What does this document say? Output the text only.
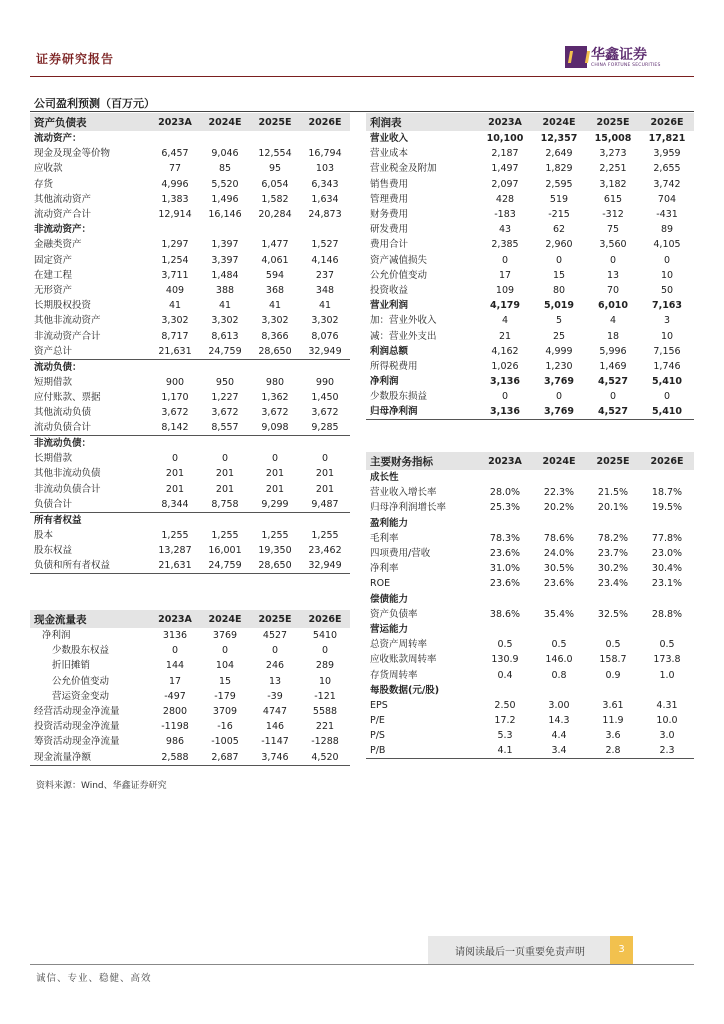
证券研究报告	华鑫证券
CHINA FORTUNE SECURITIES
公司盈利预测（百万元）
资产负债表	2023A	2024E	2025E	2026E
流动资产：				
现金及现金等价物	6,457	9,046	12,554	16,794
应收款	77	85	95	103
存货	4,996	5,520	6,054	6,343
其他流动资产	1,383	1,496	1,582	1,634
流动资产合计	12,914	16,146	20,284	24,873
非流动资产：				
金融类资产	1,297	1,397	1,477	1,527
固定资产	1,254	3,397	4,061	4,146
在建工程	3,711	1,484	594	237
无形资产	409	388	368	348
长期股权投资	41	41	41	41
其他非流动资产	3,302	3,302	3,302	3,302
非流动资产合计	8,717	8,613	8,366	8,076
资产总计	21,631	24,759	28,650	32,949
流动负债：				
短期借款	900	950	980	990
应付账款、票据	1,170	1,227	1,362	1,450
其他流动负债	3,672	3,672	3,672	3,672
流动负债合计	8,142	8,557	9,098	9,285
非流动负债：				
长期借款	0	0	0	0
其他非流动负债	201	201	201	201
非流动负债合计	201	201	201	201
负债合计	8,344	8,758	9,299	9,487
所有者权益				
股本	1,255	1,255	1,255	1,255
股东权益	13,287	16,001	19,350	23,462
负债和所有者权益	21,631	24,759	28,650	32,949
利润表	2023A	2024E	2025E	2026E
营业收入	10,100	12,357	15,008	17,821
营业成本	2,187	2,649	3,273	3,959
营业税金及附加	1,497	1,829	2,251	2,655
销售费用	2,097	2,595	3,182	3,742
管理费用	428	519	615	704
财务费用	-183	-215	-312	-431
研发费用	43	62	75	89
费用合计	2,385	2,960	3,560	4,105
资产减值损失	0	0	0	0
公允价值变动	17	15	13	10
投资收益	109	80	70	50
营业利润	4,179	5,019	6,010	7,163
加：营业外收入	4	5	4	3
减：营业外支出	21	25	18	10
利润总额	4,162	4,999	5,996	7,156
所得税费用	1,026	1,230	1,469	1,746
净利润	3,136	3,769	4,527	5,410
少数股东损益	0	0	0	0
归母净利润	3,136	3,769	4,527	5,410
主要财务指标	2023A	2024E	2025E	2026E
成长性				
营业收入增长率	28.0%	22.3%	21.5%	18.7%
归母净利润增长率	25.3%	20.2%	20.1%	19.5%
盈利能力				
毛利率	78.3%	78.6%	78.2%	77.8%
四项费用/营收	23.6%	24.0%	23.7%	23.0%
净利率	31.0%	30.5%	30.2%	30.4%
ROE	23.6%	23.6%	23.4%	23.1%
偿债能力				
资产负债率	38.6%	35.4%	32.5%	28.8%
营运能力				
总资产周转率	0.5	0.5	0.5	0.5
应收账款周转率	130.9	146.0	158.7	173.8
存货周转率	0.4	0.8	0.9	1.0
每股数据(元/股)				
EPS	2.50	3.00	3.61	4.31
P/E	17.2	14.3	11.9	10.0
P/S	5.3	4.4	3.6	3.0
P/B	4.1	3.4	2.8	2.3
现金流量表	2023A	2024E	2025E	2026E
净利润	3136	3769	4527	5410
少数股东权益	0	0	0	0
折旧摊销	144	104	246	289
公允价值变动	17	15	13	10
营运资金变动	-497	-179	-39	-121
经营活动现金净流量	2800	3709	4747	5588
投资活动现金净流量	-1198	-16	146	221
筹资活动现金净流量	986	-1005	-1147	-1288
现金流量净额	2,588	2,687	3,746	4,520
资料来源：Wind、华鑫证券研究
请阅读最后一页重要免责声明	3
诚信、专业、稳健、高效
